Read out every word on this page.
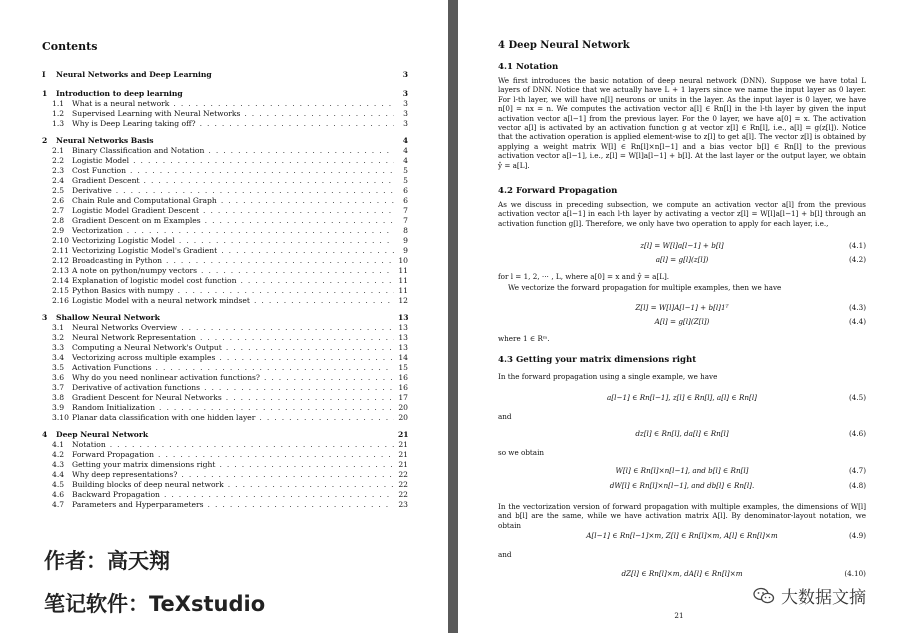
Contents
I	Neural Networks and Deep Learning	3
1	Introduction to deep learning	3
1.1	What is a neural network . . .	3
1.2	Supervised Learning with Neural Networks . . .	3
1.3	Why is Deep Learing taking off? . . .	3
2	Neural Networks Basis	4
2.1	Binary Classification and Notation . . .	4
2.2	Logistic Model . . .	4
2.3	Cost Function . . .	5
2.4	Gradient Descent . . .	5
2.5	Derivative . . .	6
2.6	Chain Rule and Computational Graph . . .	6
2.7	Logistic Model Gradient Descent . . .	7
2.8	Gradient Descent on m Examples . . .	7
2.9	Vectorization . . .	8
2.10 Vectorizing Logistic Model . . .	9
2.11 Vectorizing Logistic Model's Gradient . . .	9
2.12 Broadcasting in Python . . .	10
2.13 A note on python/numpy vectors . . .	11
2.14 Explanation of logistic model cost function . . .	11
2.15 Python Basics with numpy . . .	11
2.16 Logistic Model with a neural network mindset . . .	12
3	Shallow Neural Network	13
3.1	Neural Networks Overview . . .	13
3.2	Neural Network Representation . . .	13
3.3	Computing a Neural Network's Output . . .	13
3.4	Vectorizing across multiple examples . . .	14
3.5	Activation Functions . . .	15
3.6	Why do you need nonlinear activation functions? . . .	16
3.7	Derivative of activation functions . . .	16
3.8	Gradient Descent for Neural Networks . . .	17
3.9	Random Initialization . . .	20
3.10 Planar data classification with one hidden layer . . .	20
4	Deep Neural Network	21
4.1	Notation . . .	21
4.2	Forward Propagation . . .	21
4.3	Getting your matrix dimensions right . . .	21
4.4	Why deep representations? . . .	22
4.5	Building blocks of deep neural network . . .	22
4.6	Backward Propagation . . .	22
4.7	Parameters and Hyperparameters . . .	23
作者：高天翔
笔记软件：TeXstudio
4 Deep Neural Network
4.1 Notation
We first introduces the basic notation of deep neural network (DNN). Suppose we have total L layers of DNN. Notice that we actually have L + 1 layers since we name the input layer as 0 layer. For l-th layer, we will have n[l] neurons or units in the layer. As the input layer is 0 layer, we have n[0] = nx = n. We computes the activation vector a[l] ∈ Rn[l] in the l-th layer by given the input activation vector a[l−1] from the previous layer. For the 0 layer, we have a[0] = x. The activation vector a[l] is activated by an activation function g at vector z[l] ∈ Rn[l], i.e., a[l] = g(z[l]). Notice that the activation operation is applied element-wise to z[l] to get a[l]. The vector z[l] is obtained by applying a weight matrix W[l] ∈ Rn[l]×n[l−1] and a bias vector b[l] ∈ Rn[l] to the previous activation vector a[l−1], i.e., z[l] = W[l]a[l−1] + b[l]. At the last layer or the output layer, we obtain ŷ = a[L].
4.2 Forward Propagation
As we discuss in preceding subsection, we compute an activation vector a[l] from the previous activation vector a[l−1] in each l-th layer by activating a vector z[l] = W[l]a[l−1] + b[l] through an activation function g[l]. Therefore, we only have two operation to apply for each layer, i.e.,
z[l] = W[l]a[l−1] + b[l]	(4.1)
a[l] = g[l](z[l])	(4.2)
for l = 1, 2, ⋯ , L, where a[0] = x and ŷ = a[L].
We vectorize the forward propagation for multiple examples, then we have
Z[l] = W[l]A[l−1] + b[l]1ᵀ	(4.3)
A[l] = g[l](Z[l])	(4.4)
where 1 ∈ Rᵐ.
4.3 Getting your matrix dimensions right
In the forward propagation using a single example, we have
a[l−1] ∈ Rn[l−1], z[l] ∈ Rn[l], a[l] ∈ Rn[l]	(4.5)
and
dz[l] ∈ Rn[l], da[l] ∈ Rn[l]	(4.6)
so we obtain
W[l] ∈ Rn[l]×n[l−1], and b[l] ∈ Rn[l]	(4.7)
dW[l] ∈ Rn[l]×n[l−1], and db[l] ∈ Rn[l].	(4.8)
In the vectorization version of forward propagation with multiple examples, the dimensions of W[l] and b[l] are the same, while we have activation matrix A[l]. By denominator-layout notation, we obtain
A[l−1] ∈ Rn[l−1]×m, Z[l] ∈ Rn[l]×m, A[l] ∈ Rn[l]×m	(4.9)
and
dZ[l] ∈ Rn[l]×m, dA[l] ∈ Rn[l]×m	(4.10)
21
大数据文摘
